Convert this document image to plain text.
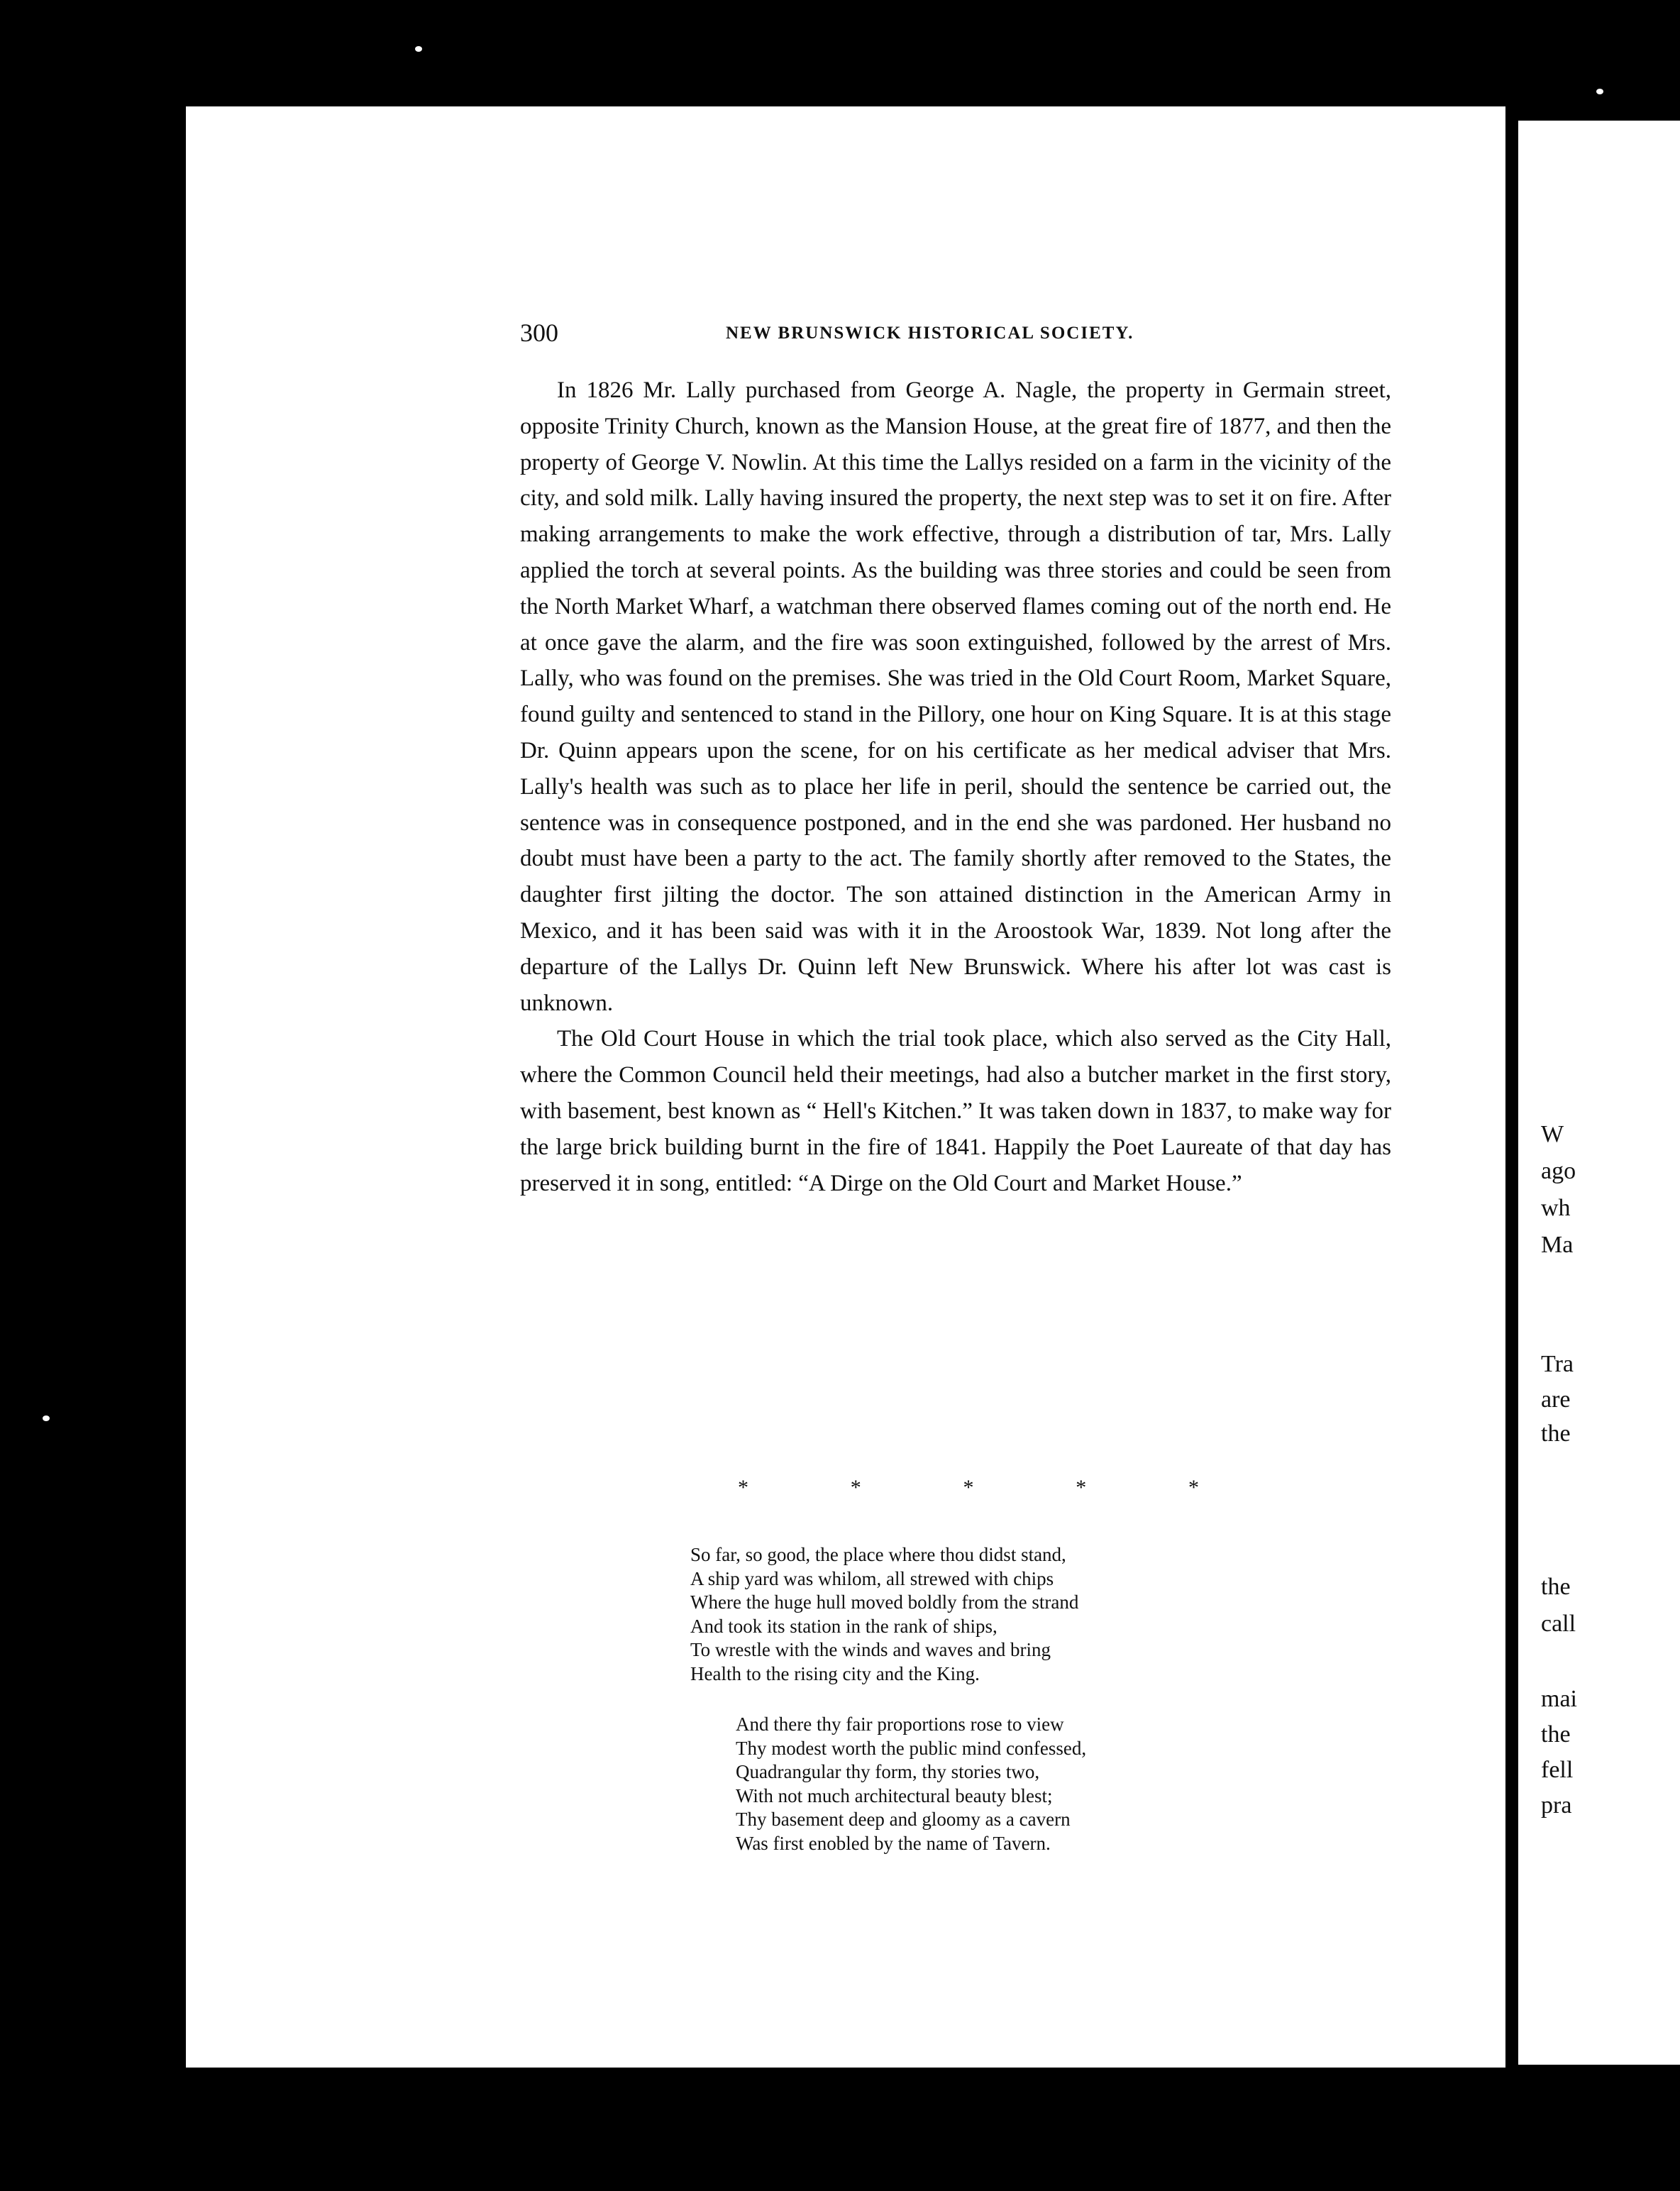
W
ago
wh
Ma
Tra
are
the
the
call
mai
the
fell
pra
300	NEW BRUNSWICK HISTORICAL SOCIETY.

In 1826 Mr. Lally purchased from George A. Nagle, the property in Germain street, opposite Trinity Church, known as the Mansion House, at the great fire of 1877, and then the property of George V. Nowlin. At this time the Lallys resided on a farm in the vicinity of the city, and sold milk. Lally having insured the property, the next step was to set it on fire. After making arrangements to make the work effective, through a distribution of tar, Mrs. Lally applied the torch at several points. As the building was three stories and could be seen from the North Market Wharf, a watchman there observed flames coming out of the north end. He at once gave the alarm, and the fire was soon extinguished, followed by the arrest of Mrs. Lally, who was found on the premises. She was tried in the Old Court Room, Market Square, found guilty and sentenced to stand in the Pillory, one hour on King Square. It is at this stage Dr. Quinn appears upon the scene, for on his certificate as her medical adviser that Mrs. Lally's health was such as to place her life in peril, should the sentence be carried out, the sentence was in consequence postponed, and in the end she was pardoned. Her husband no doubt must have been a party to the act. The family shortly after removed to the States, the daughter first jilting the doctor. The son attained distinction in the American Army in Mexico, and it has been said was with it in the Aroostook War, 1839. Not long after the departure of the Lallys Dr. Quinn left New Brunswick. Where his after lot was cast is unknown.

The Old Court House in which the trial took place, which also served as the City Hall, where the Common Council held their meetings, had also a butcher market in the first story, with basement, best known as “ Hell's Kitchen.” It was taken down in 1837, to make way for the large brick building burnt in the fire of 1841. Happily the Poet Laureate of that day has preserved it in song, entitled: “A Dirge on the Old Court and Market House.”

*	*	*	*	*
So far, so good, the place where thou didst stand,
A ship yard was whilom, all strewed with chips
Where the huge hull moved boldly from the strand
And took its station in the rank of ships,
To wrestle with the winds and waves and bring
Health to the rising city and the King.
And there thy fair proportions rose to view
Thy modest worth the public mind confessed,
Quadrangular thy form, thy stories two,
With not much architectural beauty blest;
Thy basement deep and gloomy as a cavern
Was first enobled by the name of Tavern.
